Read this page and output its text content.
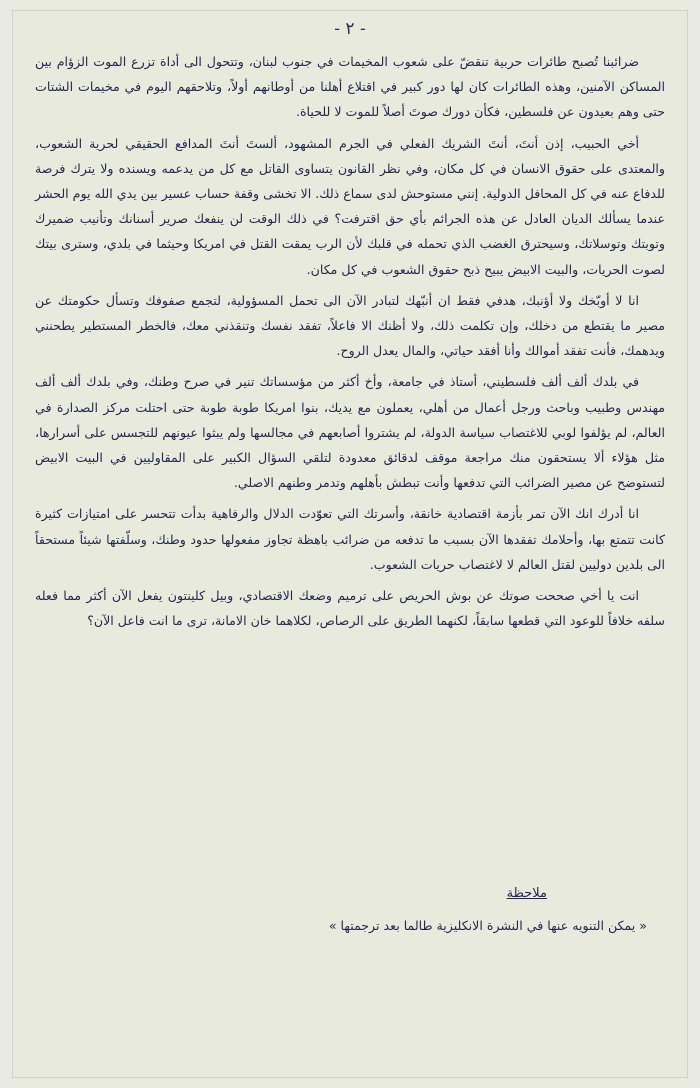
- ٢ -

ضرائبنا تُصبح طائرات حربية تنقضّ على شعوب المخيمات في جنوب لبنان، وتتحول الى أداة تزرع الموت الزؤام بين المساكن الآمنين، وهذه الطائرات كان لها دور كبير في اقتلاع أهلنا من أوطانهم أولاً، وتلاحقهم اليوم في مخيمات الشتات حتى وهم بعيدون عن فلسطين، فكأن دورك صوتَ أصلاً للموت لا للحياة.

أخي الحبيب، إذن أنتَ، أنتَ الشريك الفعلي في الجرم المشهود، ألستَ أنتَ المدافع الحقيقي لحرية الشعوب، والمعتدى على حقوق الانسان في كل مكان، وفي نظر القانون يتساوى القاتل مع كل من يدعمه ويسنده ولا يترك فرصة للدفاع عنه في كل المحافل الدولية. إنني مستوحش لدى سماع ذلك. الا تخشى وقفة حساب عسير بين يدي الله يوم الحشر عندما يسألك الديان العادل عن هذه الجرائم بأي حق اقترفت؟ في ذلك الوقت لن ينفعك صرير أسنانك وتأنيب ضميرك وتوبتك وتوسلاتك، وسيحترق الغضب الذي تحمله في قلبك لأن الرب يمقت القتل في امريكا وحيثما في بلدي، وسترى بيتك لصوت الحريات، والبيت الابيض يبيح ذبح حقوق الشعوب في كل مكان.

انا لا أوبّخك ولا أؤنبك، هدفي فقط ان أنبّهك لتبادر الآن الى تحمل المسؤولية، لتجمع صفوفك وتسأل حكومتك عن مصير ما يقتطع من دخلك، وإن تكلمت ذلك، ولا أظنك الا فاعلاً، تفقد نفسك وتنقذني معك، فالخطر المستطير يطحنني ويدهمك، فأنت تفقد أموالك وأنا أفقد حياتي، والمال يعدل الروح.

في بلدك ألف ألف فلسطيني، أستاذ في جامعة، وأخ أكثر من مؤسساتك تنير في صرح وطنك، وفي بلدك ألف ألف مهندس وطبيب وباحث ورجل أعمال من أهلي، يعملون مع يديك، بنوا امريكا طوبة طوبة حتى احتلت مركز الصدارة في العالم، لم يؤلفوا لوبي للاغتصاب سياسة الدولة، لم يشتروا أصابعهم في مجالسها ولم يبثوا عيونهم للتجسس على أسرارها، مثل هؤلاء ألا يستحقون منك مراجعة موقف لدقائق معدودة لتلقي السؤال الكبير على المقاوليين في البيت الابيض لتستوضح عن مصير الضرائب التي تدفعها وأنت تبطش بأهلهم وتدمر وطنهم الاصلي.

انا أدرك انك الآن تمر بأزمة اقتصادية خانقة، وأسرتك التي تعوّدت الدلال والرفاهية بدأت تتحسر على امتيازات كثيرة كانت تتمتع بها، وأحلامك تفقدها الآن بسبب ما تدفعه من ضرائب باهظة تجاوز مفعولها حدود وطنك، وسلّفتها شيئاً مستحقاً الى بلدين دوليين لقتل العالم لا لاغتصاب حريات الشعوب.

انت يا أخي صححت صوتك عن بوش الحريص على ترميم وضعك الاقتصادي، وبيل كلينتون يفعل الآن أكثر مما فعله سلفه خلافاً للوعود التي قطعها سابقاً، لكنهما الطريق على الرصاص، لكلاهما خان الامانة، ترى ما انت فاعل الآن؟

ملاحظة
« يمكن التنويه عنها في النشرة الانكليزية طالما بعد ترجمتها »
